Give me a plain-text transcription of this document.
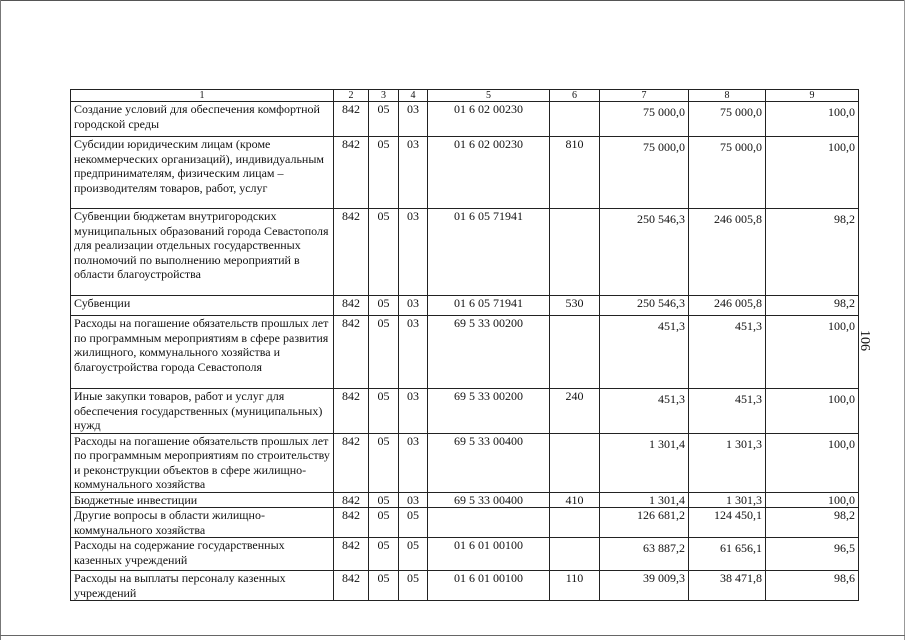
106
1	2	3	4	5	6	7	8	9
Создание условий для обеспечения комфортной городской среды	842	05	03	01 6 02 00230		75 000,0	75 000,0	100,0
Субсидии юридическим лицам (кроме некоммерческих организаций), индивидуальным предпринимателям, физическим лицам – производителям товаров, работ, услуг	842	05	03	01 6 02 00230	810	75 000,0	75 000,0	100,0
Субвенции бюджетам внутригородских муниципальных образований города Севастополя для реализации отдельных государственных полномочий по выполнению мероприятий в области благоустройства	842	05	03	01 6 05 71941		250 546,3	246 005,8	98,2
Субвенции	842	05	03	01 6 05 71941	530	250 546,3	246 005,8	98,2
Расходы на погашение обязательств прошлых лет по программным мероприятиям в сфере развития жилищного, коммунального хозяйства и благоустройства города Севастополя	842	05	03	69 5 33 00200		451,3	451,3	100,0
Иные закупки товаров, работ и услуг для обеспечения государственных (муниципальных) нужд	842	05	03	69 5 33 00200	240	451,3	451,3	100,0
Расходы на погашение обязательств прошлых лет по программным мероприятиям по строительству и реконструкции объектов в сфере жилищно-коммунального хозяйства	842	05	03	69 5 33 00400		1 301,4	1 301,3	100,0
Бюджетные инвестиции	842	05	03	69 5 33 00400	410	1 301,4	1 301,3	100,0
Другие вопросы в области жилищно-коммунального хозяйства	842	05	05			126 681,2	124 450,1	98,2
Расходы на содержание государственных казенных учреждений	842	05	05	01 6 01 00100		63 887,2	61 656,1	96,5
Расходы на выплаты персоналу казенных учреждений	842	05	05	01 6 01 00100	110	39 009,3	38 471,8	98,6
